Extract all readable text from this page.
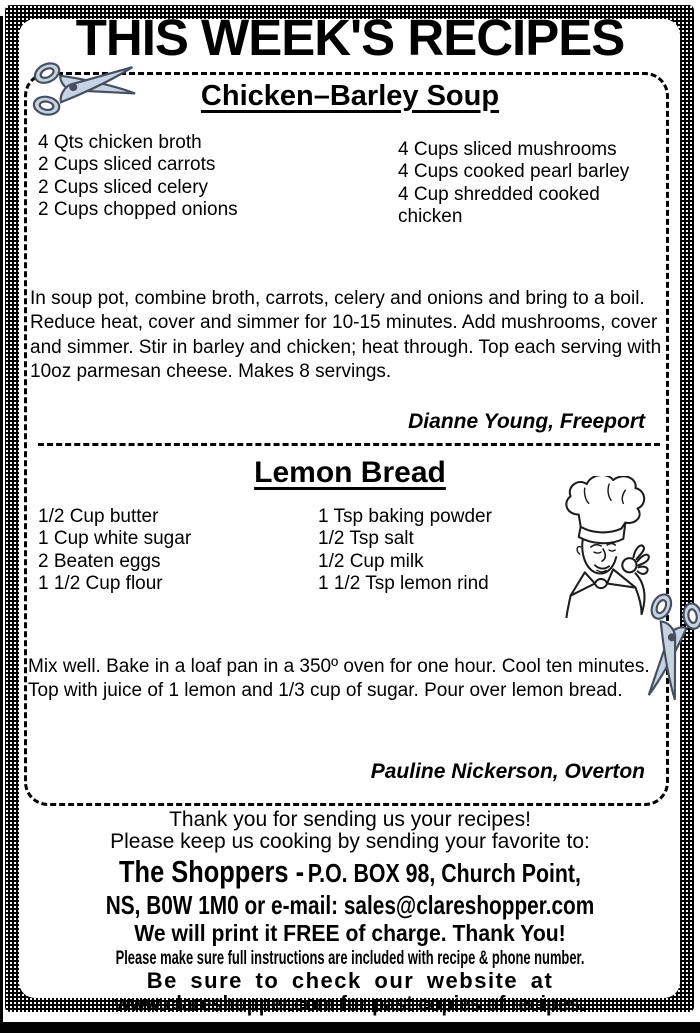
THIS WEEK'S RECIPES
Chicken–Barley Soup
4 Qts chicken broth
2 Cups sliced carrots
2 Cups sliced celery
2 Cups chopped onions
4 Cups sliced mushrooms
4 Cups cooked pearl barley
4 Cup shredded cooked chicken
In soup pot, combine broth, carrots, celery and onions and bring to a boil. Reduce heat, cover and simmer for 10-15 minutes. Add mushrooms, cover and simmer. Stir in barley and chicken; heat through. Top each serving with 10oz parmesan cheese. Makes 8 servings.
Dianne Young, Freeport
Lemon Bread
1/2 Cup butter
1 Cup white sugar
2 Beaten eggs
1 1/2 Cup flour
1 Tsp baking powder
1/2 Tsp salt
1/2 Cup milk
1 1/2 Tsp lemon rind
Mix well. Bake in a loaf pan in a 350º oven for one hour. Cool ten minutes. Top with juice of 1 lemon and 1/3 cup of sugar. Pour over lemon bread.
Pauline Nickerson, Overton
Thank you for sending us your recipes!
Please keep us cooking by sending your favorite to:
The Shoppers - P.O. BOX 98, Church Point,
NS, B0W 1M0 or e-mail: sales@clareshopper.com
We will print it FREE of charge. Thank You!
Please make sure full instructions are included with recipe & phone number.
Be sure to check our website at
www.clareshopper.com for past copies of recipes.
